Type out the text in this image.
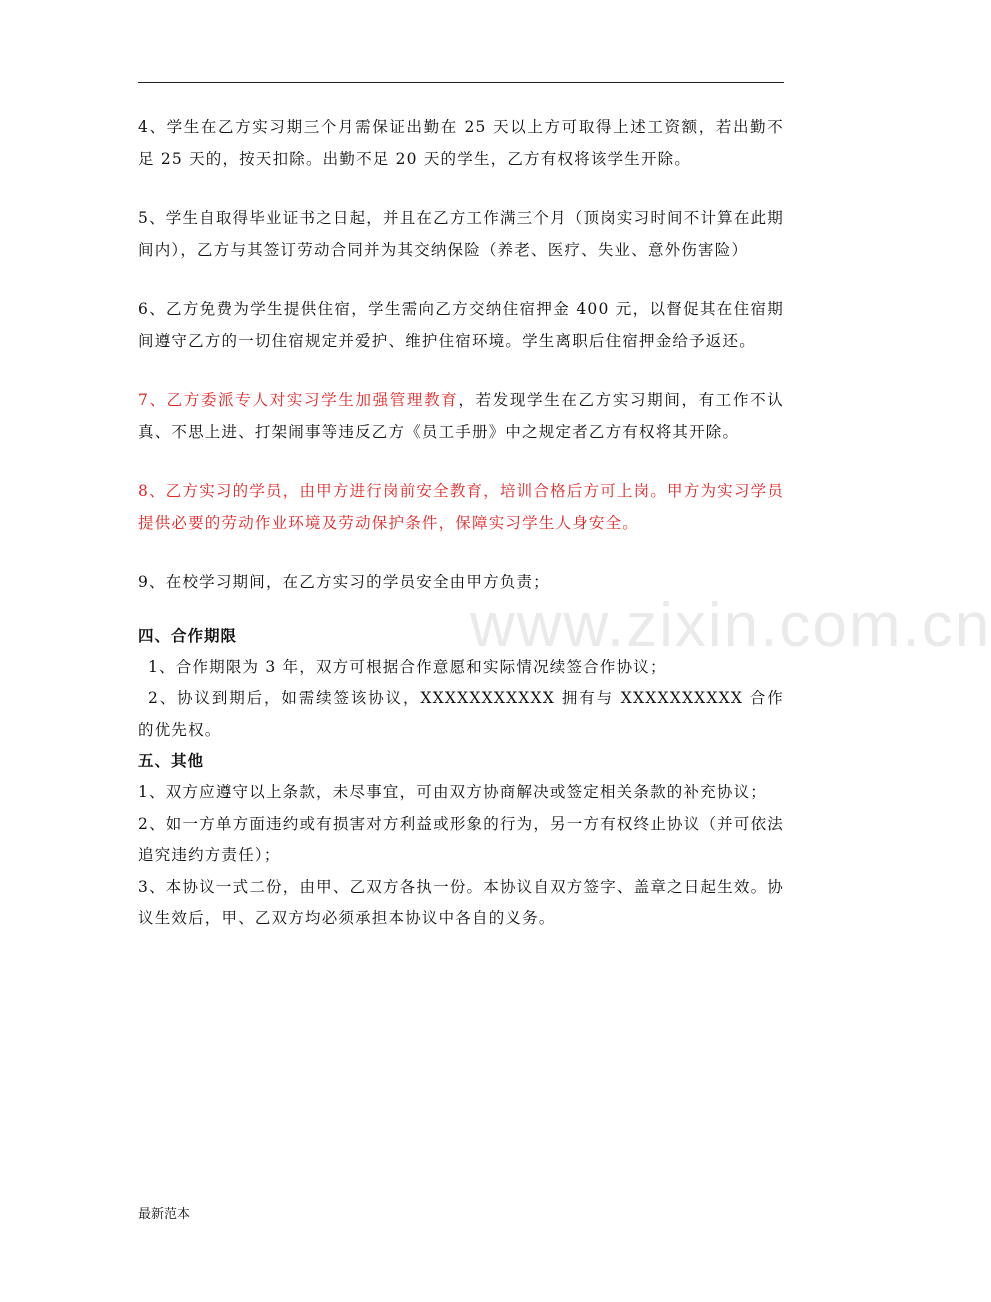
www.zixin.com.cn

4、学生在乙方实习期三个月需保证出勤在 25 天以上方可取得上述工资额，若出勤不足 25 天的，按天扣除。出勤不足 20 天的学生，乙方有权将该学生开除。

5、学生自取得毕业证书之日起，并且在乙方工作满三个月（顶岗实习时间不计算在此期间内），乙方与其签订劳动合同并为其交纳保险（养老、医疗、失业、意外伤害险）

6、乙方免费为学生提供住宿，学生需向乙方交纳住宿押金 400 元，以督促其在住宿期间遵守乙方的一切住宿规定并爱护、维护住宿环境。学生离职后住宿押金给予返还。

7、乙方委派专人对实习学生加强管理教育，若发现学生在乙方实习期间，有工作不认真、不思上进、打架闹事等违反乙方《员工手册》中之规定者乙方有权将其开除。

8、乙方实习的学员，由甲方进行岗前安全教育，培训合格后方可上岗。甲方为实习学员提供必要的劳动作业环境及劳动保护条件，保障实习学生人身安全。

9、在校学习期间，在乙方实习的学员安全由甲方负责；

四、合作期限

1、合作期限为 3 年，双方可根据合作意愿和实际情况续签合作协议；

2、协议到期后，如需续签该协议，XXXXXXXXXXX 拥有与 XXXXXXXXXX 合作的优先权。

五、其他

1、双方应遵守以上条款，未尽事宜，可由双方协商解决或签定相关条款的补充协议；

2、如一方单方面违约或有损害对方利益或形象的行为，另一方有权终止协议（并可依法追究违约方责任）；

3、本协议一式二份，由甲、乙双方各执一份。本协议自双方签字、盖章之日起生效。协议生效后，甲、乙双方均必须承担本协议中各自的义务。

最新范本
